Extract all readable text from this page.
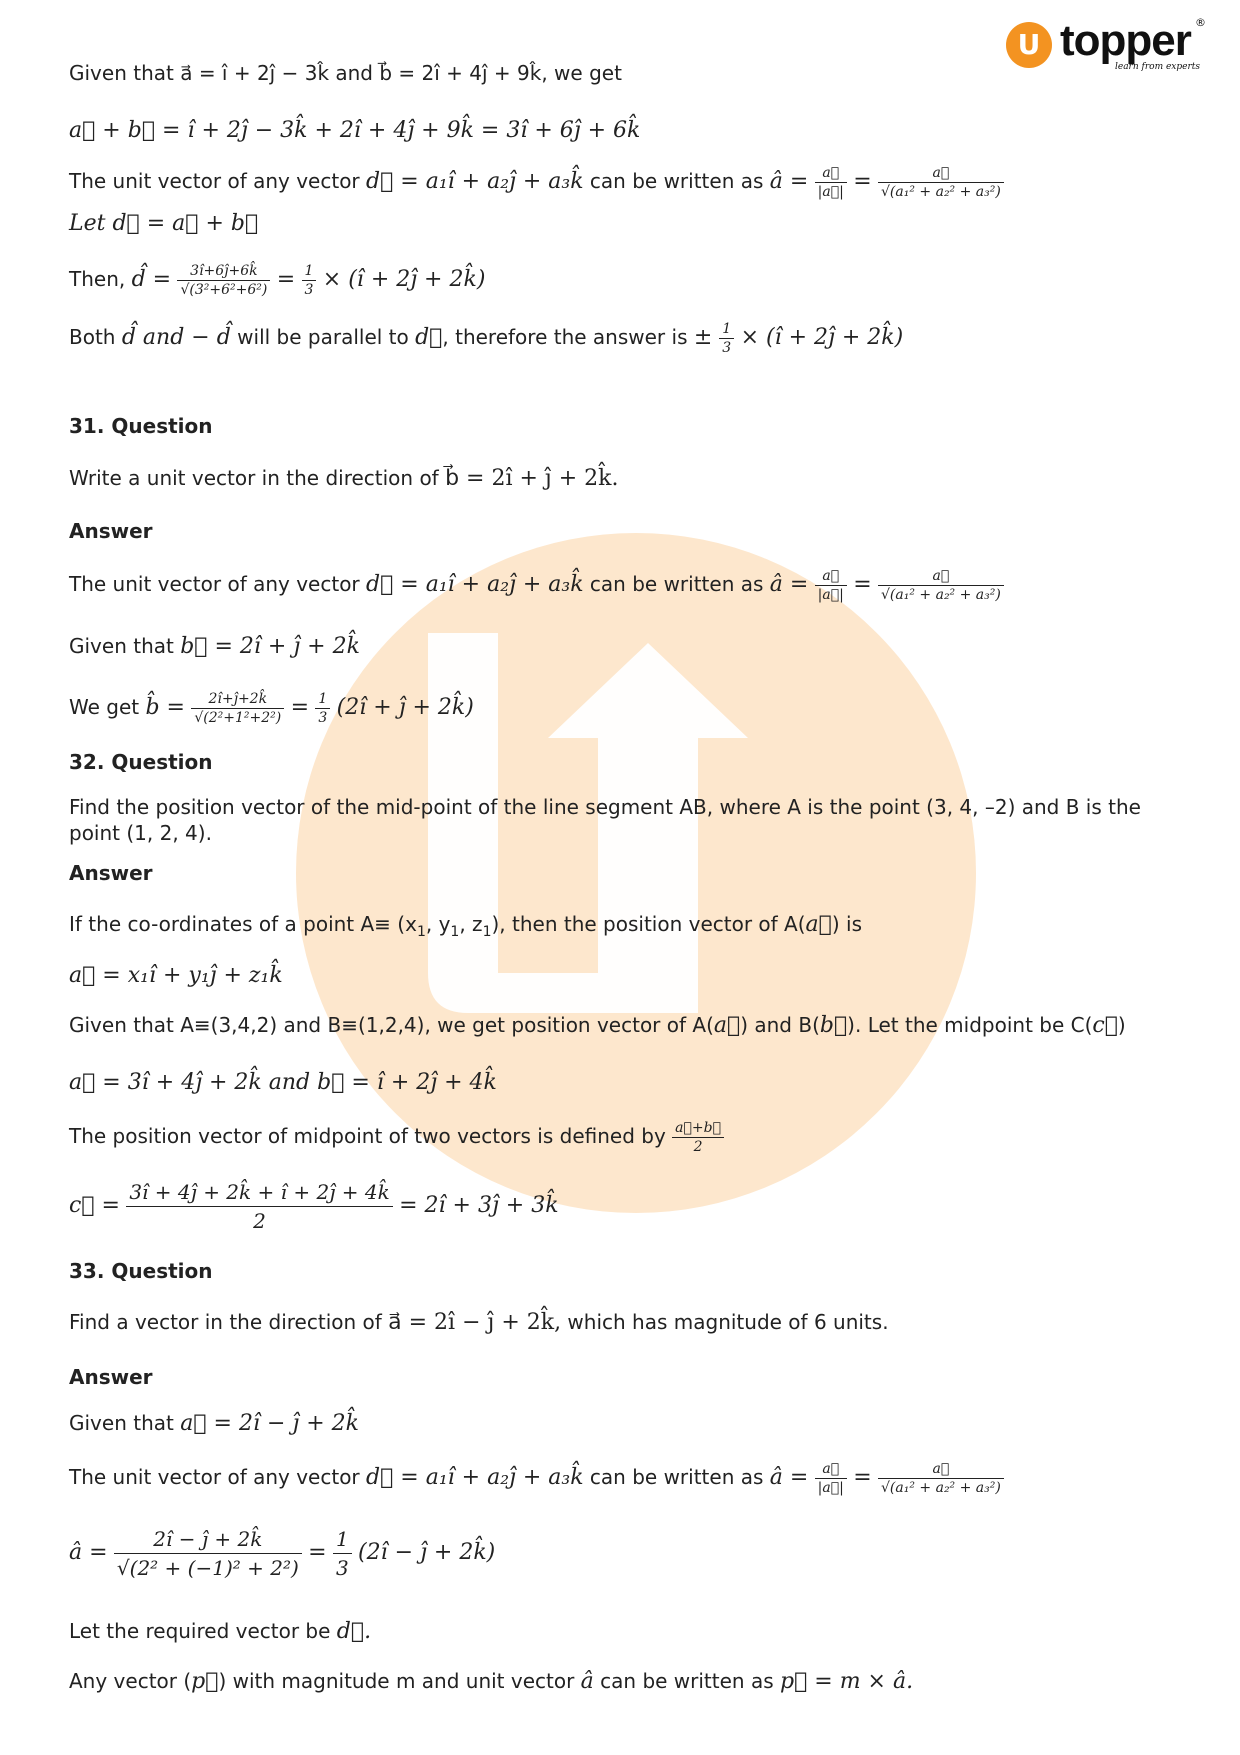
U topper ®
learn from experts
Given that a⃗ = î + 2ĵ − 3k̂ and b⃗ = 2î + 4ĵ + 9k̂, we get
a⃗ + b⃗ = î + 2ĵ − 3k̂ + 2î + 4ĵ + 9k̂ = 3î + 6ĵ + 6k̂
The unit vector of any vector d⃗ = a₁î + a₂ĵ + a₃k̂ can be written as â = $\frac{a⃗}{|a⃗|} = \frac{a⃗}{\text{√(a₁² + a₂² + a₃²)}}$
Let d⃗ = a⃗ + b⃗
Then, d̂ = $\frac{3î+6ĵ+6k̂}{\text{√(3²+6²+6²)}} = \frac{1}{3}$ × (î + 2ĵ + 2k̂)
Both d̂ and − d̂ will be parallel to d⃗, therefore the answer is ± $\frac{1}{3}$ × (î + 2ĵ + 2k̂)
31. Question
Write a unit vector in the direction of b⃗ = 2î + ĵ + 2k̂.
Answer
The unit vector of any vector d⃗ = a₁î + a₂ĵ + a₃k̂ can be written as â = $\frac{a⃗}{|a⃗|} = \frac{a⃗}{\text{√(a₁² + a₂² + a₃²)}}$
Given that b⃗ = 2î + ĵ + 2k̂
We get b̂ = $\frac{2î+ĵ+2k̂}{\text{√(2²+1²+2²)}} = \frac{1}{3}$ (2î + ĵ + 2k̂)
32. Question
Find the position vector of the mid-point of the line segment AB, where A is the point (3, 4, –2) and B is the point (1, 2, 4).
Answer
If the co-ordinates of a point $A\equiv (x_1$, $y_1$, $z_1$), then the position vector of A(a⃗) is
a⃗ = x₁î + y₁ĵ + z₁k̂
Given that A≡(3,4,2) and B≡(1,2,4), we get position vector of A(a⃗) and B(b⃗). Let the midpoint be C(c⃗)
a⃗ = 3î + 4ĵ + 2k̂ and b⃗ = î + 2ĵ + 4k̂
The position vector of midpoint of two vectors is defined by $\frac{a⃗+b⃗}{2}$
c⃗ = $\frac{3î + 4ĵ + 2k̂ + î + 2ĵ + 4k̂}{2}$ = 2î + 3ĵ + 3k̂
33. Question
Find a vector in the direction of a⃗ = 2î − ĵ + 2k̂, which has magnitude of 6 units.
Answer
Given that a⃗ = 2î − ĵ + 2k̂
The unit vector of any vector d⃗ = a₁î + a₂ĵ + a₃k̂ can be written as â = $\frac{a⃗}{|a⃗|} = \frac{a⃗}{\text{√(a₁² + a₂² + a₃²)}}$
â = $\frac{2î - ĵ + 2k̂}{\text{√(2² + (−1)² + 2²)}} = \frac{1}{3}$ (2î − ĵ + 2k̂)
Let the required vector be d⃗.
Any vector (p⃗) with magnitude m and unit vector â can be written as p⃗ = m × â.
